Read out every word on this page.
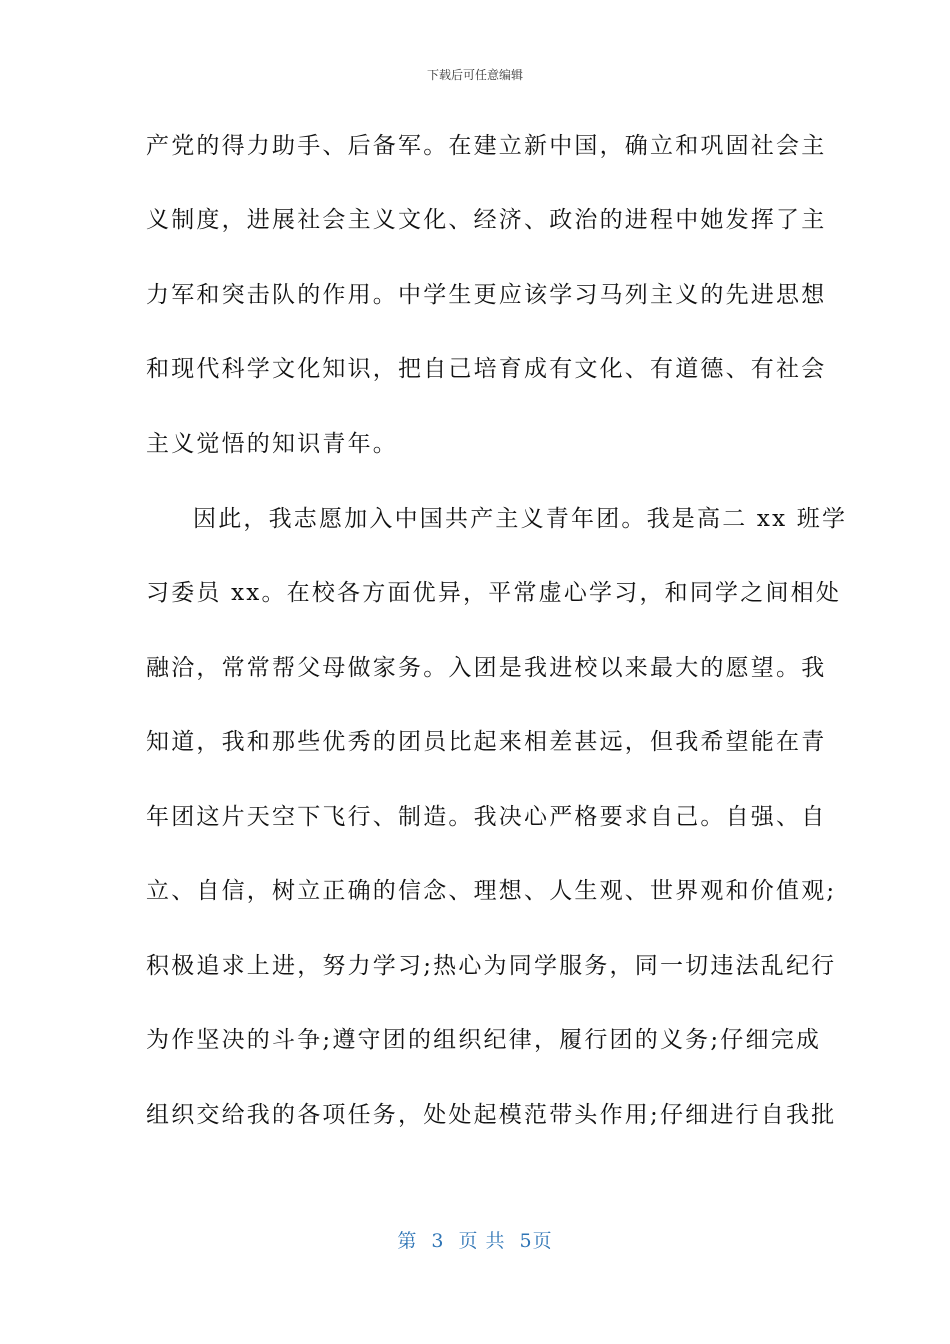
下载后可任意编辑
产党的得力助手、后备军。在建立新中国，确立和巩固社会主
义制度，进展社会主义文化、经济、政治的进程中她发挥了主
力军和突击队的作用。中学生更应该学习马列主义的先进思想
和现代科学文化知识，把自己培育成有文化、有道德、有社会
主义觉悟的知识青年。
因此，我志愿加入中国共产主义青年团。我是高二 xx 班学
习委员 xx。在校各方面优异，平常虚心学习，和同学之间相处
融洽，常常帮父母做家务。入团是我进校以来最大的愿望。我
知道，我和那些优秀的团员比起来相差甚远，但我希望能在青
年团这片天空下飞行、制造。我决心严格要求自己。自强、自
立、自信，树立正确的信念、理想、人生观、世界观和价值观;
积极追求上进，努力学习;热心为同学服务，同一切违法乱纪行
为作坚决的斗争;遵守团的组织纪律，履行团的义务;仔细完成
组织交给我的各项任务，处处起模范带头作用;仔细进行自我批
第 3 页 共 5页
